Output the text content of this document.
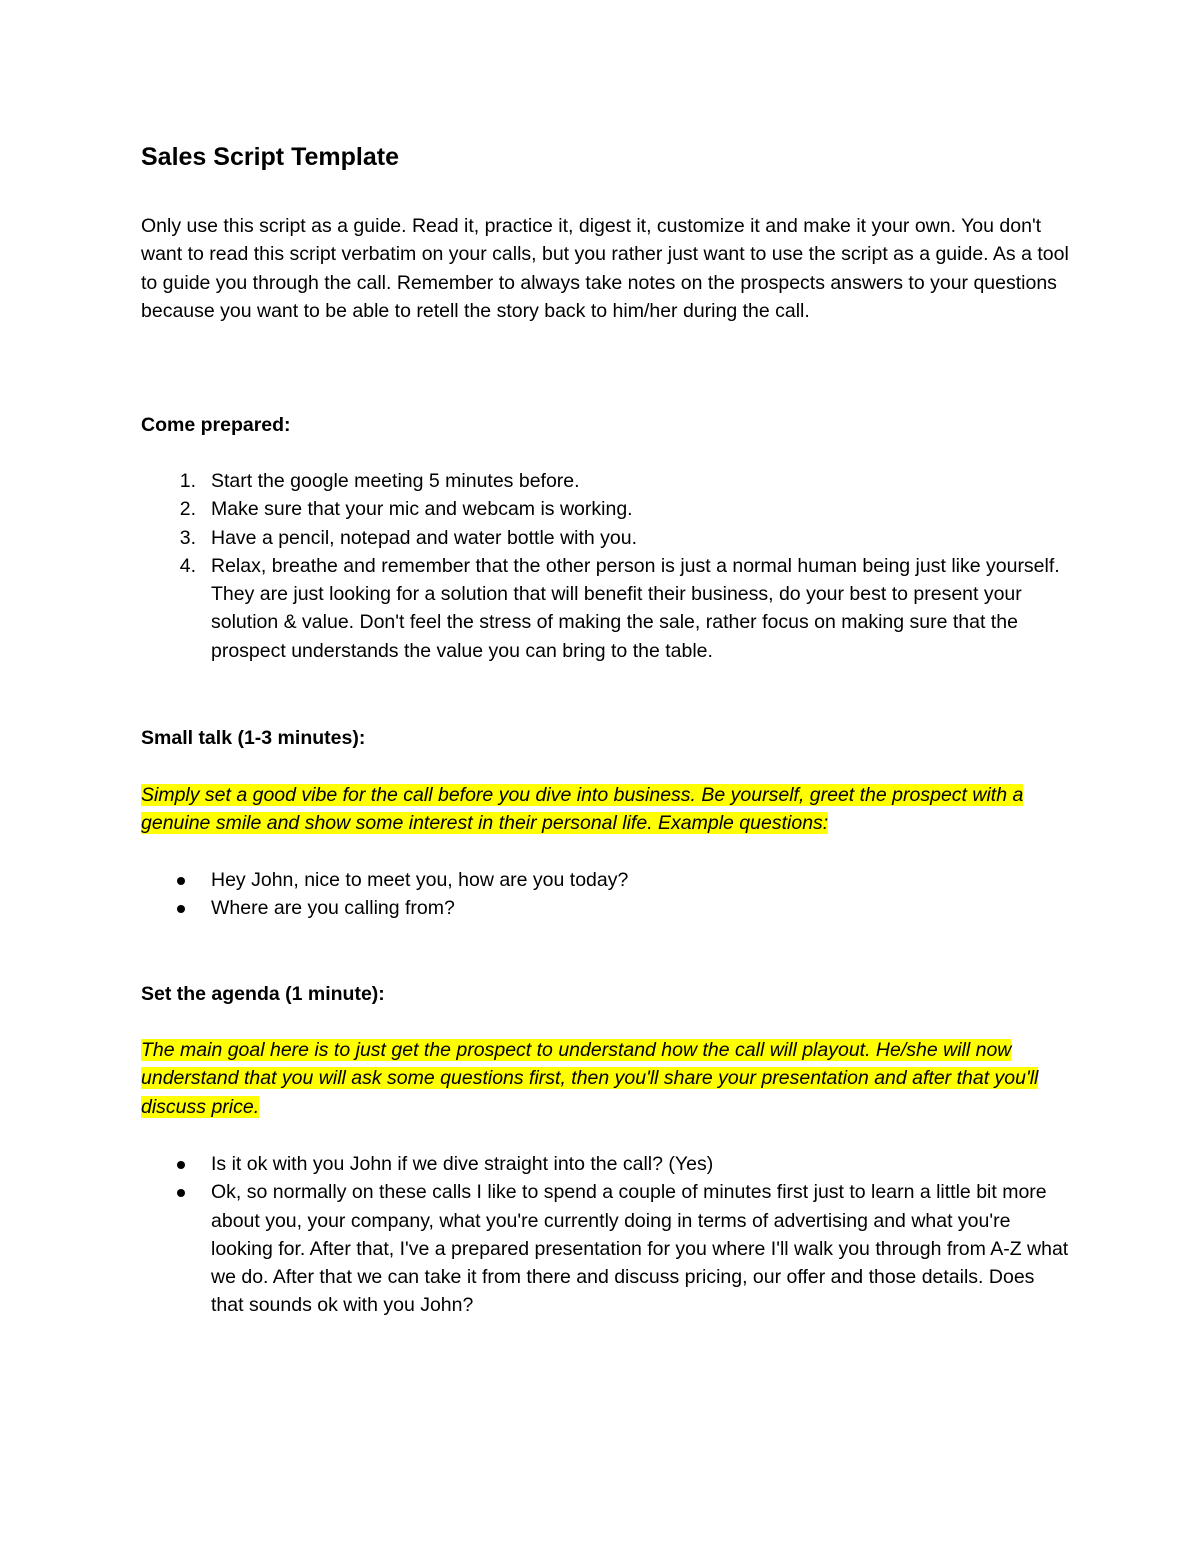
Sales Script Template

Only use this script as a guide. Read it, practice it, digest it, customize it and make it your own. You don't want to read this script verbatim on your calls, but you rather just want to use the script as a guide. As a tool to guide you through the call. Remember to always take notes on the prospects answers to your questions because you want to be able to retell the story back to him/her during the call.

Come prepared:
1. Start the google meeting 5 minutes before.
2. Make sure that your mic and webcam is working.
3. Have a pencil, notepad and water bottle with you.
4. Relax, breathe and remember that the other person is just a normal human being just like yourself. They are just looking for a solution that will benefit their business, do your best to present your solution & value. Don't feel the stress of making the sale, rather focus on making sure that the prospect understands the value you can bring to the table.
Small talk (1-3 minutes):

Simply set a good vibe for the call before you dive into business. Be yourself, greet the prospect with a genuine smile and show some interest in their personal life. Example questions:

Hey John, nice to meet you, how are you today?
Where are you calling from?
Set the agenda (1 minute):

The main goal here is to just get the prospect to understand how the call will playout. He/she will now understand that you will ask some questions first, then you'll share your presentation and after that you'll discuss price.

Is it ok with you John if we dive straight into the call? (Yes)
Ok, so normally on these calls I like to spend a couple of minutes first just to learn a little bit more about you, your company, what you're currently doing in terms of advertising and what you're looking for. After that, I've a prepared presentation for you where I'll walk you through from A-Z what we do. After that we can take it from there and discuss pricing, our offer and those details. Does that sounds ok with you John?
